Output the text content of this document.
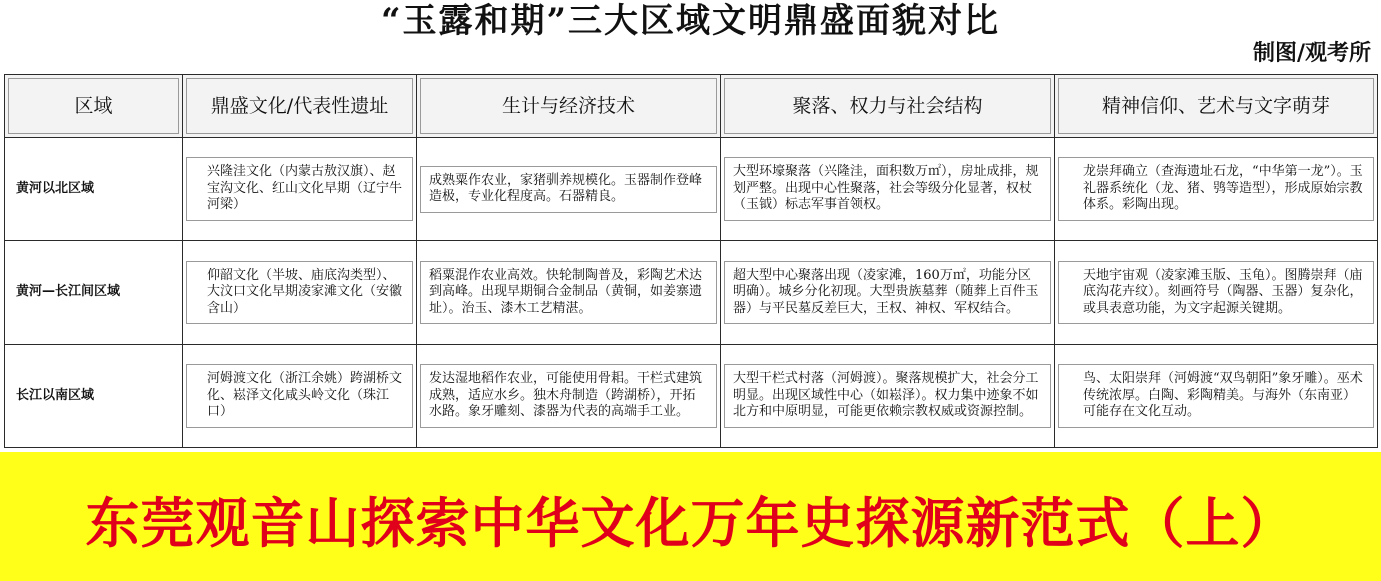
“玉露和期”三大区域文明鼎盛面貌对比
制图/观考所
区域	鼎盛文化/代表性遗址	生计与经济技术	聚落、权力与社会结构	精神信仰、艺术与文字萌芽

黄河以北区域	兴隆洼文化（内蒙古敖汉旗）、赵宝沟文化、红山文化早期（辽宁牛河梁）	成熟粟作农业，家猪驯养规模化。玉器制作登峰造极，专业化程度高。石器精良。	大型环壕聚落（兴隆洼，面积数万㎡），房址成排，规划严整。出现中心性聚落，社会等级分化显著，权杖（玉钺）标志军事首领权。	龙崇拜确立（查海遗址石龙，“中华第一龙”）。玉礼器系统化（龙、猪、鸮等造型），形成原始宗教体系。彩陶出现。

黄河—长江间区域	仰韶文化（半坡、庙底沟类型）、大汶口文化早期凌家滩文化（安徽含山）	稻粟混作农业高效。快轮制陶普及，彩陶艺术达到高峰。出现早期铜合金制品（黄铜，如姜寨遗址）。治玉、漆木工艺精湛。	超大型中心聚落出现（凌家滩，160万㎡，功能分区明确）。城乡分化初现。大型贵族墓葬（随葬上百件玉器）与平民墓反差巨大，王权、神权、军权结合。	天地宇宙观（凌家滩玉版、玉龟）。图腾崇拜（庙底沟花卉纹）。刻画符号（陶器、玉器）复杂化，或具表意功能，为文字起源关键期。

长江以南区域	河姆渡文化（浙江余姚）跨湖桥文化、崧泽文化咸头岭文化（珠江口）	发达湿地稻作农业，可能使用骨耜。干栏式建筑成熟，适应水乡。独木舟制造（跨湖桥），开拓水路。象牙雕刻、漆器为代表的高端手工业。	大型干栏式村落（河姆渡）。聚落规模扩大，社会分工明显。出现区域性中心（如崧泽）。权力集中迹象不如北方和中原明显，可能更依赖宗教权威或资源控制。	鸟、太阳崇拜（河姆渡“双鸟朝阳”象牙雕）。巫术传统浓厚。白陶、彩陶精美。与海外（东南亚）可能存在文化互动。
东莞观音山探索中华文化万年史探源新范式（上）
